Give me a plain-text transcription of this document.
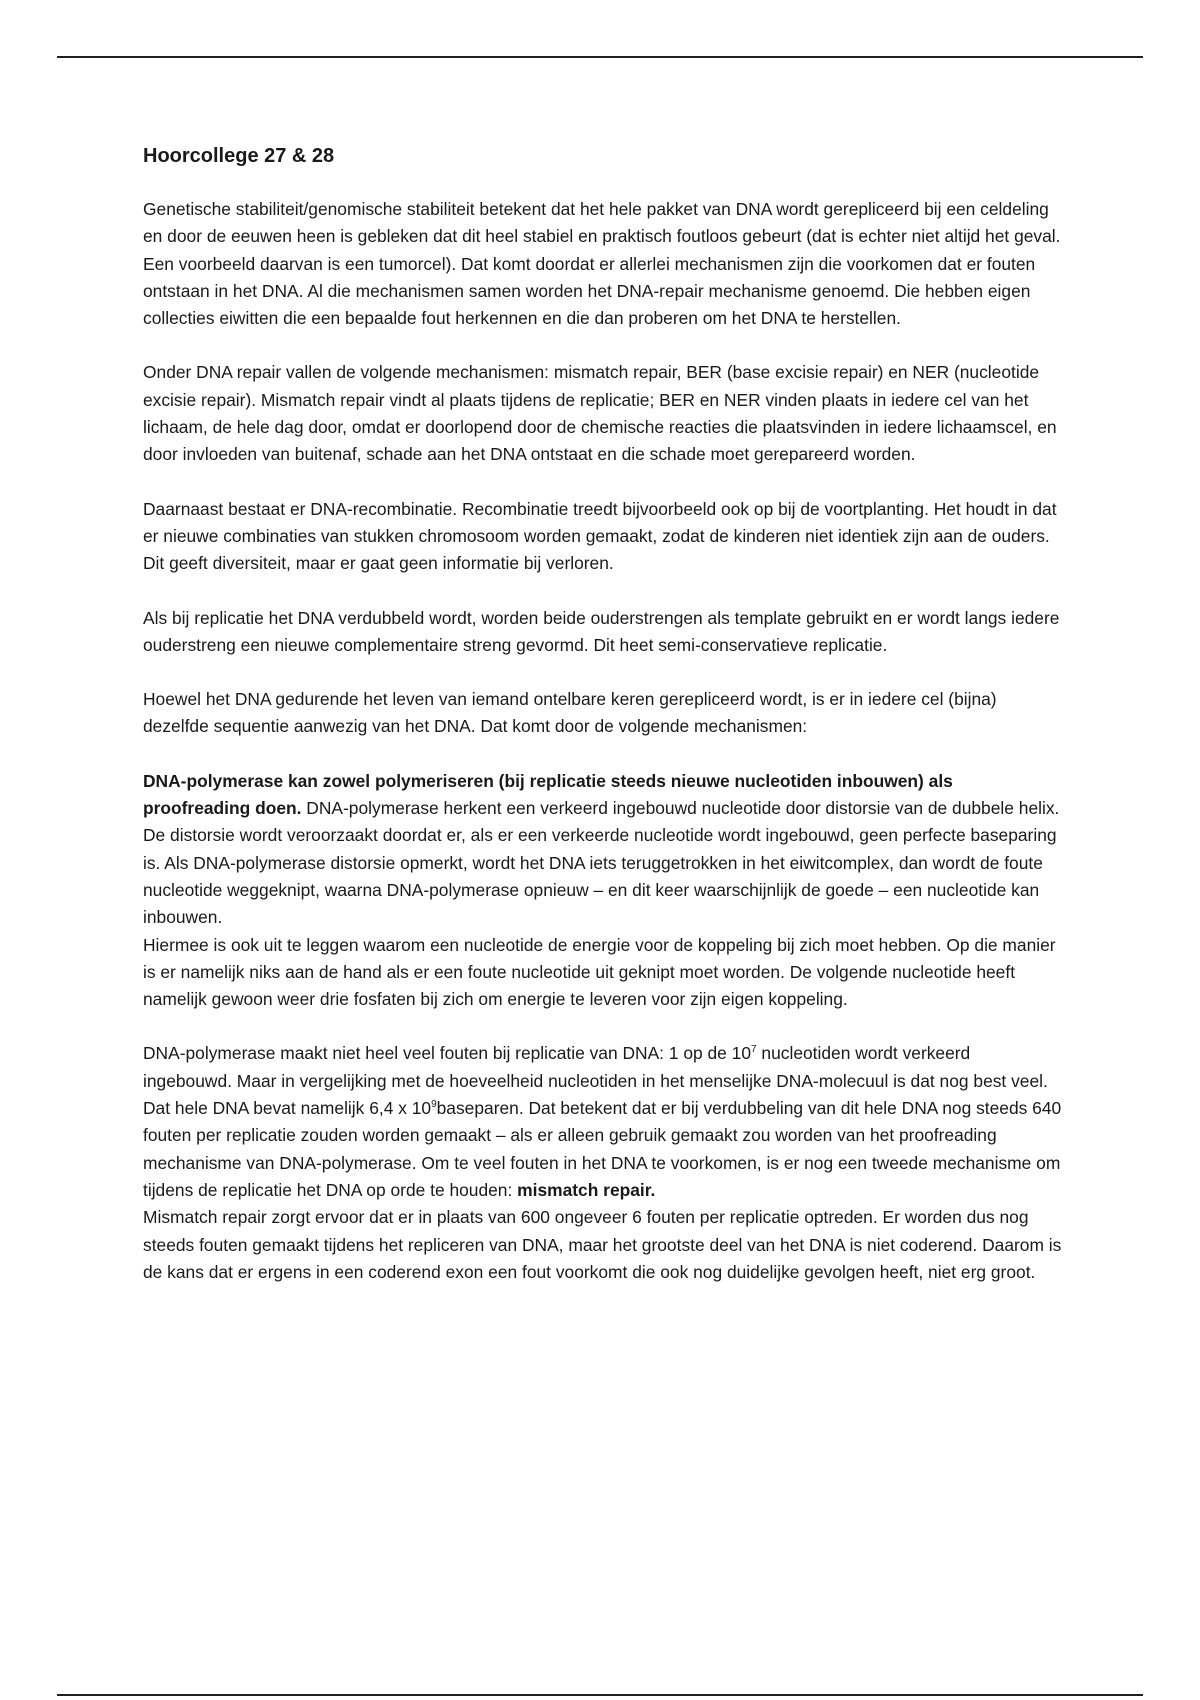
Hoorcollege 27 & 28

Genetische stabiliteit/genomische stabiliteit betekent dat het hele pakket van DNA wordt gerepliceerd bij een celdeling en door de eeuwen heen is gebleken dat dit heel stabiel en praktisch foutloos gebeurt (dat is echter niet altijd het geval. Een voorbeeld daarvan is een tumorcel). Dat komt doordat er allerlei mechanismen zijn die voorkomen dat er fouten ontstaan in het DNA. Al die mechanismen samen worden het DNA-repair mechanisme genoemd. Die hebben eigen collecties eiwitten die een bepaalde fout herkennen en die dan proberen om het DNA te herstellen.

Onder DNA repair vallen de volgende mechanismen: mismatch repair, BER (base excisie repair) en NER (nucleotide excisie repair). Mismatch repair vindt al plaats tijdens de replicatie; BER en NER vinden plaats in iedere cel van het lichaam, de hele dag door, omdat er doorlopend door de chemische reacties die plaatsvinden in iedere lichaamscel, en door invloeden van buitenaf, schade aan het DNA ontstaat en die schade moet gerepareerd worden.

Daarnaast bestaat er DNA-recombinatie. Recombinatie treedt bijvoorbeeld ook op bij de voortplanting. Het houdt in dat er nieuwe combinaties van stukken chromosoom worden gemaakt, zodat de kinderen niet identiek zijn aan de ouders. Dit geeft diversiteit, maar er gaat geen informatie bij verloren.

Als bij replicatie het DNA verdubbeld wordt, worden beide ouderstrengen als template gebruikt en er wordt langs iedere ouderstreng een nieuwe complementaire streng gevormd. Dit heet semi-conservatieve replicatie.

Hoewel het DNA gedurende het leven van iemand ontelbare keren gerepliceerd wordt, is er in iedere cel (bijna) dezelfde sequentie aanwezig van het DNA. Dat komt door de volgende mechanismen:

DNA-polymerase kan zowel polymeriseren (bij replicatie steeds nieuwe nucleotiden inbouwen) als proofreading doen. DNA-polymerase herkent een verkeerd ingebouwd nucleotide door distorsie van de dubbele helix. De distorsie wordt veroorzaakt doordat er, als er een verkeerde nucleotide wordt ingebouwd, geen perfecte baseparing is. Als DNA-polymerase distorsie opmerkt, wordt het DNA iets teruggetrokken in het eiwitcomplex, dan wordt de foute nucleotide weggeknipt, waarna DNA-polymerase opnieuw – en dit keer waarschijnlijk de goede – een nucleotide kan inbouwen.

Hiermee is ook uit te leggen waarom een nucleotide de energie voor de koppeling bij zich moet hebben. Op die manier is er namelijk niks aan de hand als er een foute nucleotide uit geknipt moet worden. De volgende nucleotide heeft namelijk gewoon weer drie fosfaten bij zich om energie te leveren voor zijn eigen koppeling.

DNA-polymerase maakt niet heel veel fouten bij replicatie van DNA: 1 op de $10^7$ nucleotiden wordt verkeerd ingebouwd. Maar in vergelijking met de hoeveelheid nucleotiden in het menselijke DNA-molecuul is dat nog best veel. Dat hele DNA bevat namelijk 6,4 x $10^9baseparen$. Dat betekent dat er bij verdubbeling van dit hele DNA nog steeds 640 fouten per replicatie zouden worden gemaakt – als er alleen gebruik gemaakt zou worden van het proofreading mechanisme van DNA-polymerase. Om te veel fouten in het DNA te voorkomen, is er nog een tweede mechanisme om tijdens de replicatie het DNA op orde te houden: mismatch repair.

Mismatch repair zorgt ervoor dat er in plaats van 600 ongeveer 6 fouten per replicatie optreden. Er worden dus nog steeds fouten gemaakt tijdens het repliceren van DNA, maar het grootste deel van het DNA is niet coderend. Daarom is de kans dat er ergens in een coderend exon een fout voorkomt die ook nog duidelijke gevolgen heeft, niet erg groot.
